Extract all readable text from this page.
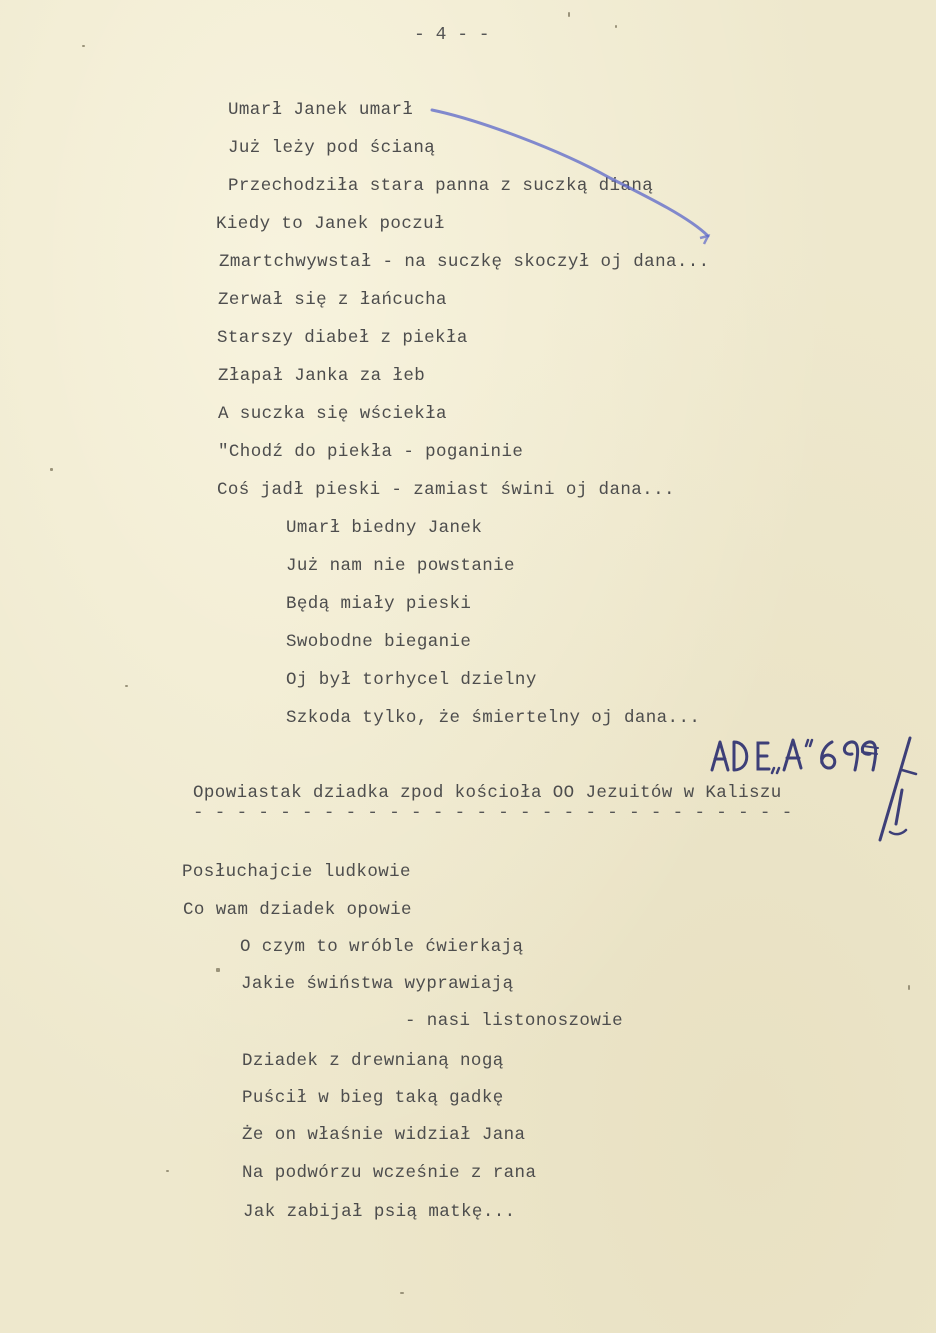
- 4 - -
Umarł Janek umarł
Już leży pod ścianą
Przechodziła stara panna z suczką dianą
Kiedy to Janek poczuł
Zmartchwywstał - na suczkę skoczył oj dana...
Zerwał się z łańcucha
Starszy diabeł z piekła
Złapał Janka za łeb
A suczka się wściekła
"Chodź do piekła - poganinie
Coś jadł pieski - zamiast świni oj dana...
Umarł biedny Janek
Już nam nie powstanie
Będą miały pieski
Swobodne bieganie
Oj był torhycel dzielny
Szkoda tylko, że śmiertelny oj dana...
Opowiastak dziadka zpod kościoła OO Jezuitów w Kaliszu
- - - - - - - - - - - - - - - - - - - - - - - - - - - -
Posłuchajcie ludkowie
Co wam dziadek opowie
O czym to wróble ćwierkają
Jakie świństwa wyprawiają
- nasi listonoszowie
Dziadek z drewnianą nogą
Puścił w bieg taką gadkę
Że on właśnie widział Jana
Na podwórzu wcześnie z rana
Jak zabijał psią matkę...
